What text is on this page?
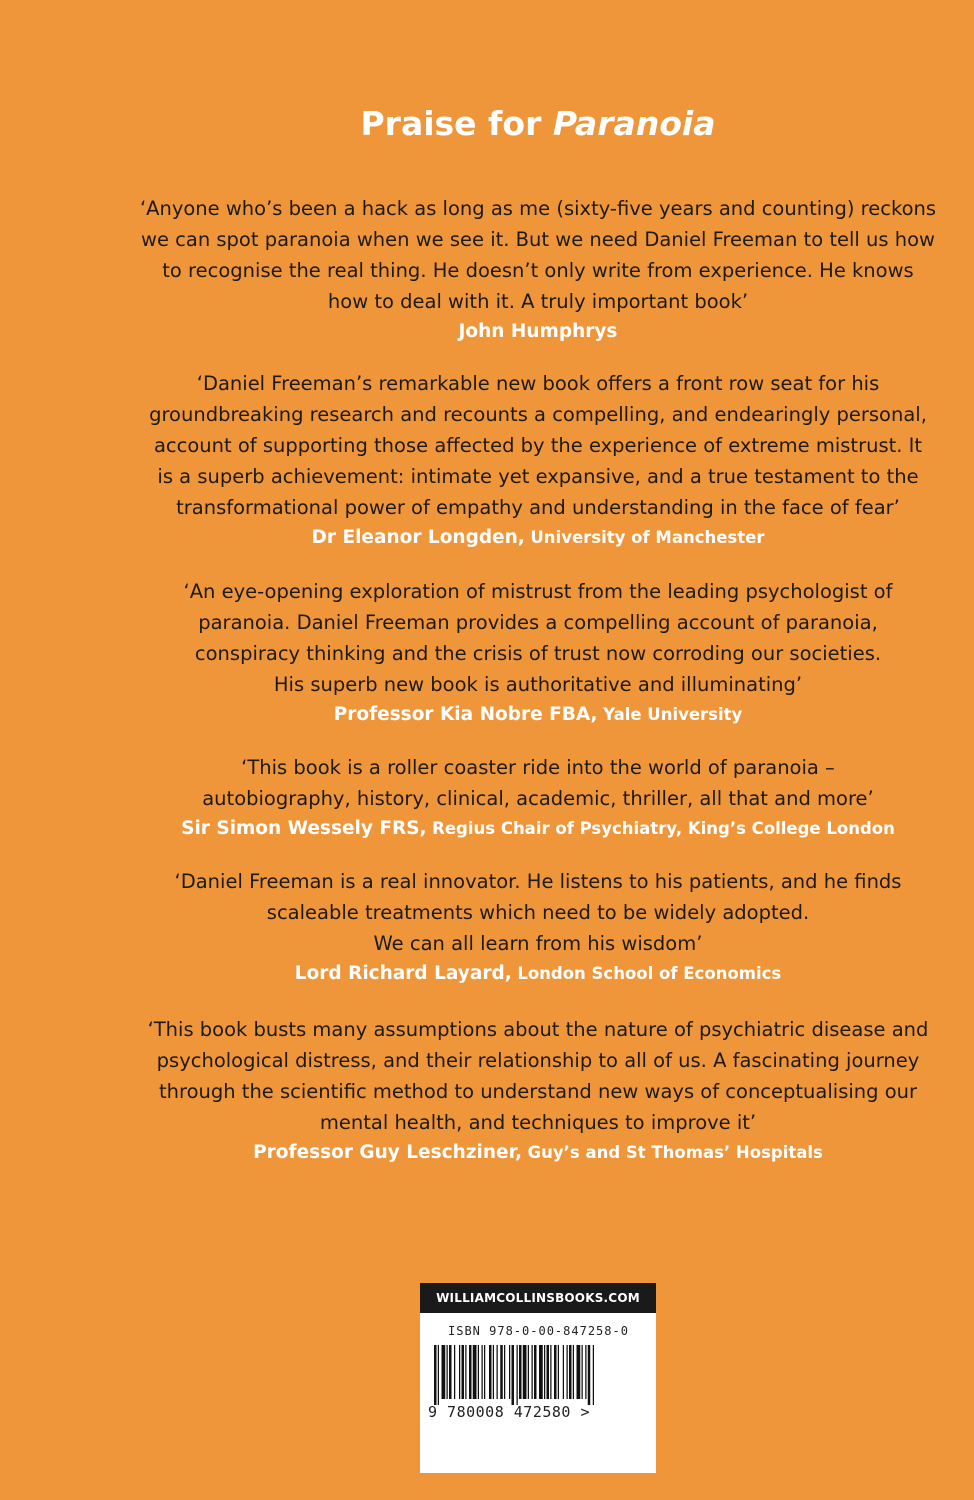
Praise for Paranoia

‘Anyone who’s been a hack as long as me (sixty-five years and counting) reckons
we can spot paranoia when we see it. But we need Daniel Freeman to tell us how
to recognise the real thing. He doesn’t only write from experience. He knows
how to deal with it. A truly important book’

John Humphrys

‘Daniel Freeman’s remarkable new book offers a front row seat for his
groundbreaking research and recounts a compelling, and endearingly personal,
account of supporting those affected by the experience of extreme mistrust. It
is a superb achievement: intimate yet expansive, and a true testament to the
transformational power of empathy and understanding in the face of fear’

Dr Eleanor Longden, University of Manchester

‘An eye-opening exploration of mistrust from the leading psychologist of
paranoia. Daniel Freeman provides a compelling account of paranoia,
conspiracy thinking and the crisis of trust now corroding our societies.
His superb new book is authoritative and illuminating’

Professor Kia Nobre FBA, Yale University

‘This book is a roller coaster ride into the world of paranoia –
autobiography, history, clinical, academic, thriller, all that and more’

Sir Simon Wessely FRS, Regius Chair of Psychiatry, King’s College London

‘Daniel Freeman is a real innovator. He listens to his patients, and he finds
scaleable treatments which need to be widely adopted.
We can all learn from his wisdom’

Lord Richard Layard, London School of Economics

‘This book busts many assumptions about the nature of psychiatric disease and
psychological distress, and their relationship to all of us. A fascinating journey
through the scientific method to understand new ways of conceptualising our
mental health, and techniques to improve it’

Professor Guy Leschziner, Guy’s and St Thomas’ Hospitals
WILLIAMCOLLINSBOOKS.COM
ISBN 978-0-00-847258-0
9 780008 472580 >
